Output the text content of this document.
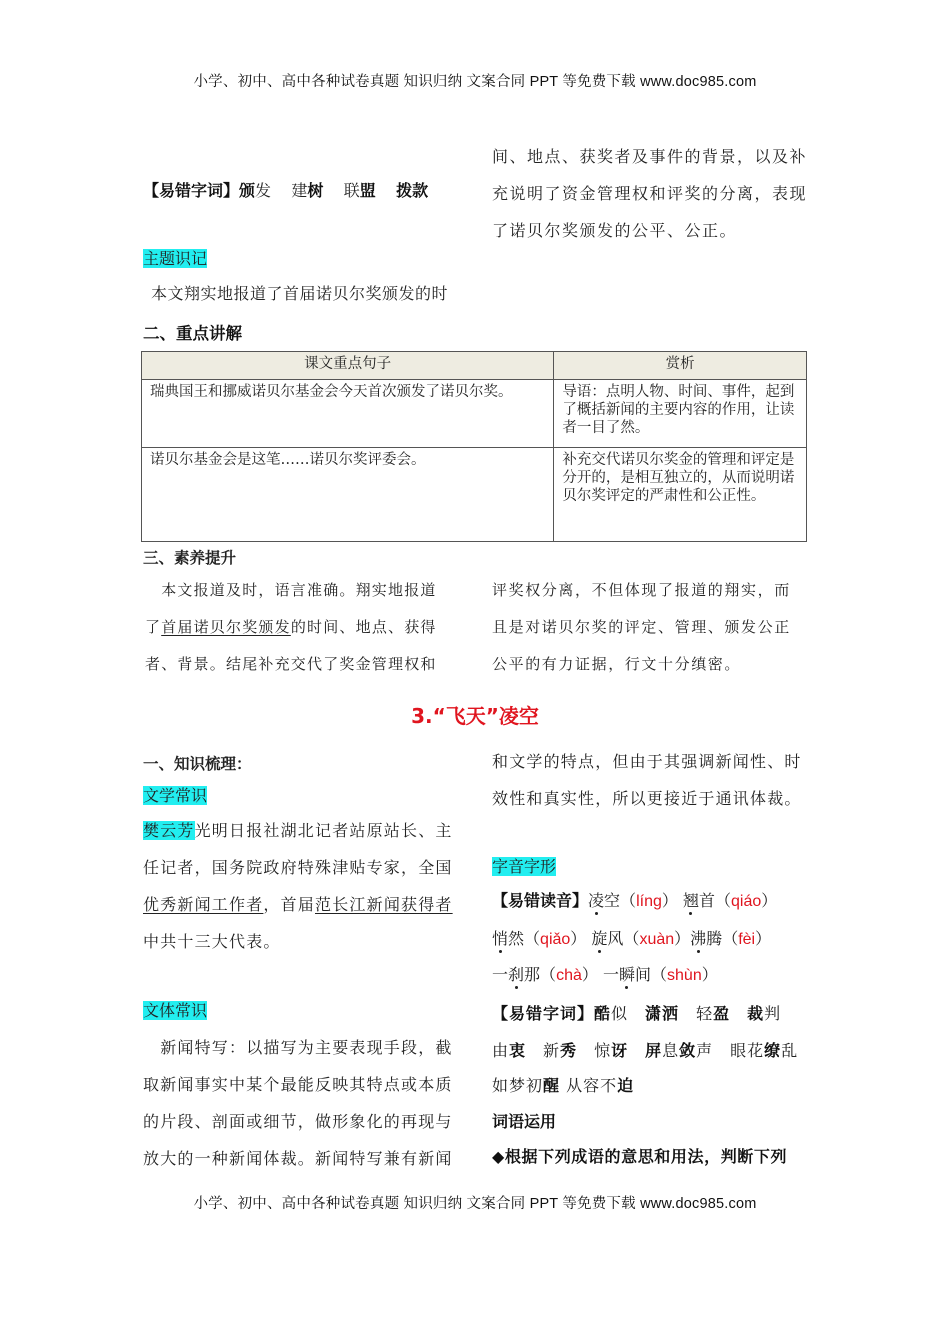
小学、初中、高中各种试卷真题 知识归纳 文案合同 PPT 等免费下载 www.doc985.com
【易错字词】颁发 建树 联盟 拨款
主题识记
本文翔实地报道了首届诺贝尔奖颁发的时
间、地点、获奖者及事件的背景，以及补
充说明了资金管理权和评奖的分离，表现
了诺贝尔奖颁发的公平、公正。
二、重点讲解
课文重点句子	赏析
瑞典国王和挪威诺贝尔基金会今天首次颁发了诺贝尔奖。	导语：点明人物、时间、事件，起到了概括新闻的主要内容的作用，让读者一目了然。
诺贝尔基金会是这笔……诺贝尔奖评委会。	补充交代诺贝尔奖金的管理和评定是分开的，是相互独立的，从而说明诺贝尔奖评定的严肃性和公正性。
三、素养提升
　本文报道及时，语言准确。翔实地报道
了首届诺贝尔奖颁发的时间、地点、获得
者、背景。结尾补充交代了奖金管理权和
评奖权分离，不但体现了报道的翔实，而
且是对诺贝尔奖的评定、管理、颁发公正
公平的有力证据，行文十分缜密。
3.“飞天”凌空
一、知识梳理：
文学常识
樊云芳光明日报社湖北记者站原站长、主
任记者，国务院政府特殊津贴专家，全国
优秀新闻工作者，首届范长江新闻获得者
中共十三大代表。
文体常识
　新闻特写：以描写为主要表现手段，截
取新闻事实中某个最能反映其特点或本质
的片段、剖面或细节，做形象化的再现与
放大的一种新闻体裁。新闻特写兼有新闻
和文学的特点，但由于其强调新闻性、时
效性和真实性，所以更接近于通讯体裁。
字音字形
【易错读音】凌空（líng） 翘首（qiáo）
悄然（qiǎo） 旋风（xuàn）沸腾（fèi）
一刹那（chà） 一瞬间（shùn）
【易错字词】酷似　潇洒　轻盈　 裁判
由衷　新秀　惊讶　 屏息敛声　眼花缭乱
如梦初醒 从容不迫
词语运用
◆根据下列成语的意思和用法，判断下列
小学、初中、高中各种试卷真题 知识归纳 文案合同 PPT 等免费下载 www.doc985.com
